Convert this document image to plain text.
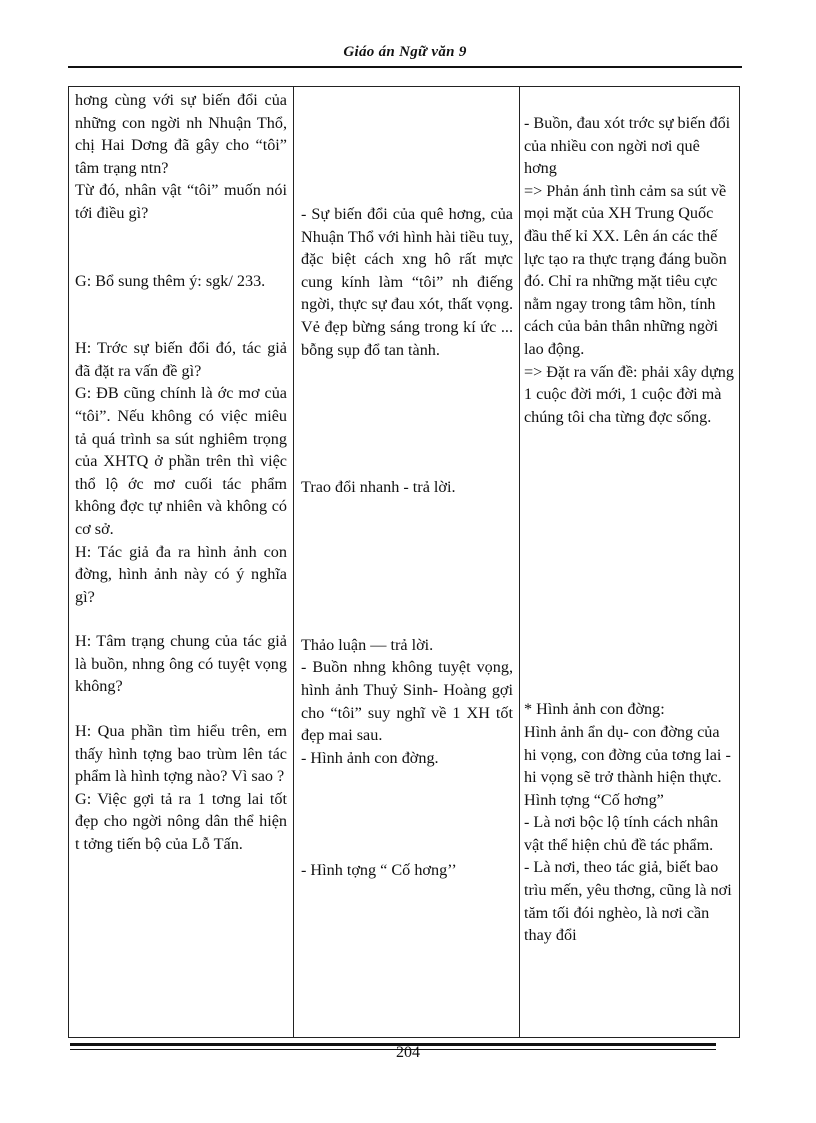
Giáo án Ngữ văn 9

hơng cùng với sự biến đổi của những con ngời nh Nhuận Thổ, chị Hai Dơng đã gây cho “tôi” tâm trạng ntn?

Từ đó, nhân vật “tôi” muốn nói tới điều gì?

G: Bổ sung thêm ý: sgk/ 233.

H: Trớc sự biến đổi đó, tác giả đã đặt ra vấn đề gì?

G: ĐB cũng chính là ớc mơ của “tôi”. Nếu không có việc miêu tả quá trình sa sút nghiêm trọng của XHTQ ở phần trên thì việc thổ lộ ớc mơ cuối tác phẩm không đợc tự nhiên và không có cơ sở.

H: Tác giả đa ra hình ảnh con đờng, hình ảnh này có ý nghĩa gì?

H: Tâm trạng chung của tác giả là buồn, nhng ông có tuyệt vọng không?

H: Qua phần tìm hiểu trên, em thấy hình tợng bao trùm lên tác phẩm là hình tợng nào? Vì sao ?

G: Việc gợi tả ra 1 tơng lai tốt đẹp cho ngời nông dân thể hiện t tởng tiến bộ của Lỗ Tấn.

- Sự biến đổi của quê hơng, của Nhuận Thổ với hình hài tiều tuỵ, đặc biệt cách xng hô rất mực cung kính làm “tôi” nh điếng ngời, thực sự đau xót, thất vọng. Vẻ đẹp bừng sáng trong kí ức ... bỗng sụp đổ tan tành.

Trao đổi nhanh - trả lời.

Thảo luận — trả lời.

- Buồn nhng không tuyệt vọng, hình ảnh Thuỷ Sinh- Hoàng gợi cho “tôi” suy nghĩ về 1 XH tốt đẹp mai sau.

- Hình ảnh con đờng.

- Hình tợng “ Cố hơng’’

- Buồn, đau xót trớc sự biến đổi của nhiều con ngời nơi quê hơng

=> Phản ánh tình cảm sa sút về mọi mặt của XH Trung Quốc đầu thế kỉ XX. Lên án các thế lực tạo ra thực trạng đáng buồn đó. Chỉ ra những mặt tiêu cực nằm ngay trong tâm hồn, tính cách của bản thân những ngời lao động.

=> Đặt ra vấn đề: phải xây dựng 1 cuộc đời mới, 1 cuộc đời mà chúng tôi cha từng đợc sống.

* Hình ảnh con đờng:

Hình ảnh ẩn dụ- con đờng của hi vọng, con đờng của tơng lai - hi vọng sẽ trở thành hiện thực.

Hình tợng “Cố hơng”

- Là nơi bộc lộ tính cách nhân vật thể hiện chủ đề tác phẩm.

- Là nơi, theo tác giả, biết bao trìu mến, yêu thơng, cũng là nơi tăm tối đói nghèo, là nơi cần thay đổi

204
